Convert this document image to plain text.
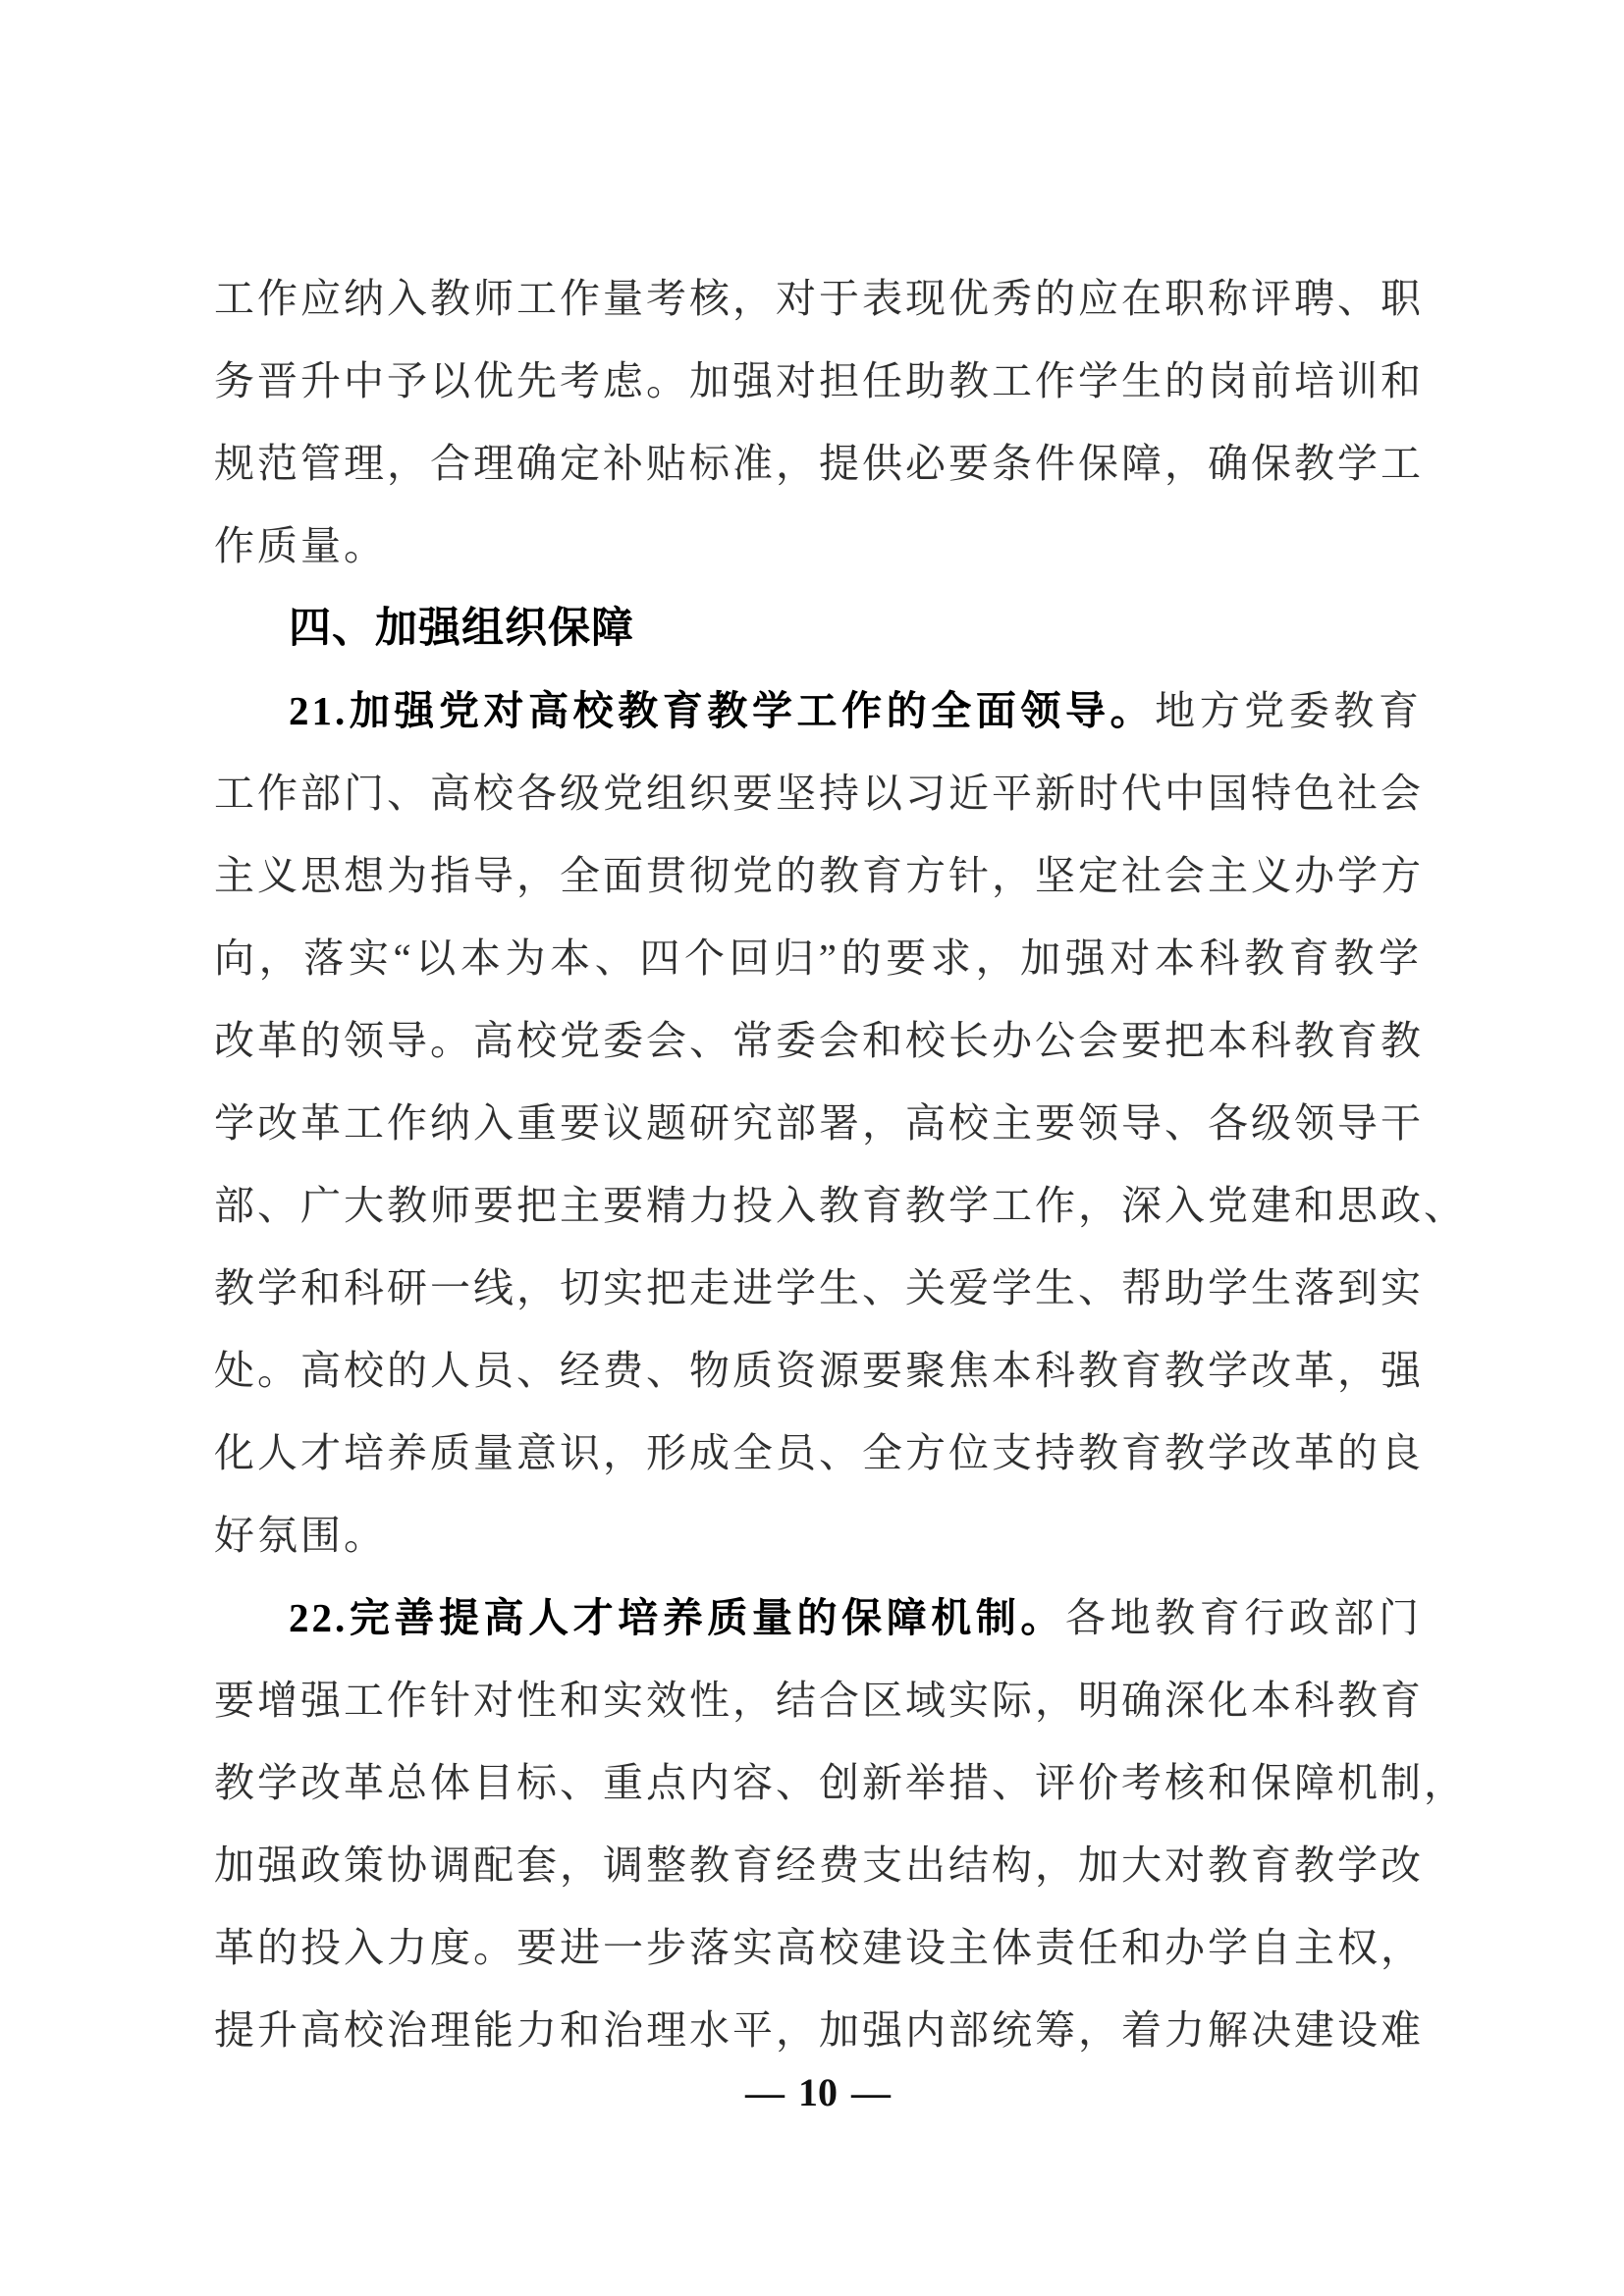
工作应纳入教师工作量考核，对于表现优秀的应在职称评聘、职
务晋升中予以优先考虑。加强对担任助教工作学生的岗前培训和
规范管理，合理确定补贴标准，提供必要条件保障，确保教学工
作质量。
四、加强组织保障
21.加强党对高校教育教学工作的全面领导。地方党委教育
工作部门、高校各级党组织要坚持以习近平新时代中国特色社会
主义思想为指导，全面贯彻党的教育方针，坚定社会主义办学方
向，落实“以本为本、四个回归”的要求，加强对本科教育教学
改革的领导。高校党委会、常委会和校长办公会要把本科教育教
学改革工作纳入重要议题研究部署，高校主要领导、各级领导干
部、广大教师要把主要精力投入教育教学工作，深入党建和思政、
教学和科研一线，切实把走进学生、关爱学生、帮助学生落到实
处。高校的人员、经费、物质资源要聚焦本科教育教学改革，强
化人才培养质量意识，形成全员、全方位支持教育教学改革的良
好氛围。
22.完善提高人才培养质量的保障机制。各地教育行政部门
要增强工作针对性和实效性，结合区域实际，明确深化本科教育
教学改革总体目标、重点内容、创新举措、评价考核和保障机制，
加强政策协调配套，调整教育经费支出结构，加大对教育教学改
革的投入力度。要进一步落实高校建设主体责任和办学自主权，
提升高校治理能力和治理水平，加强内部统筹，着力解决建设难
— 10 —
